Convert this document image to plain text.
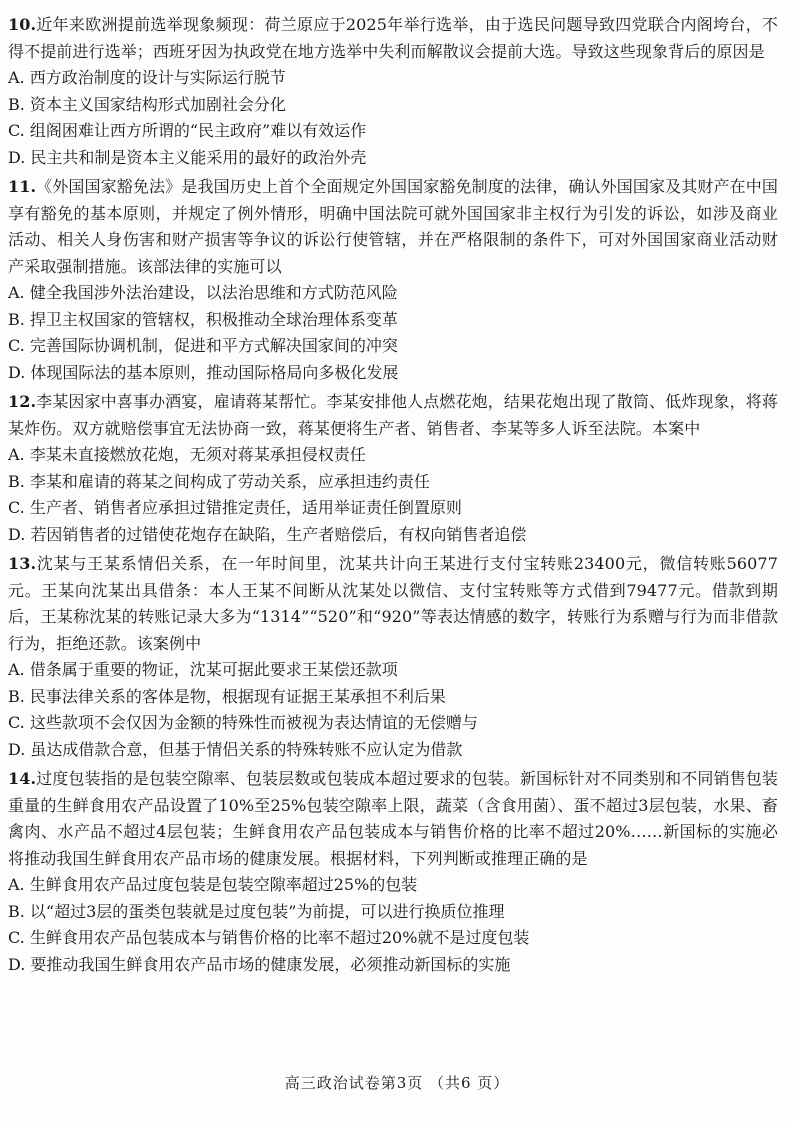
10.近年来欧洲提前选举现象频现：荷兰原应于2025年举行选举，由于选民问题导致四党联合内阁垮台，不得不提前进行选举；西班牙因为执政党在地方选举中失利而解散议会提前大选。导致这些现象背后的原因是
A. 西方政治制度的设计与实际运行脱节
B. 资本主义国家结构形式加剧社会分化
C. 组阁困难让西方所谓的“民主政府”难以有效运作
D. 民主共和制是资本主义能采用的最好的政治外壳
11.《外国国家豁免法》是我国历史上首个全面规定外国国家豁免制度的法律，确认外国国家及其财产在中国享有豁免的基本原则，并规定了例外情形，明确中国法院可就外国国家非主权行为引发的诉讼，如涉及商业活动、相关人身伤害和财产损害等争议的诉讼行使管辖，并在严格限制的条件下，可对外国国家商业活动财产采取强制措施。该部法律的实施可以
A. 健全我国涉外法治建设，以法治思维和方式防范风险
B. 捍卫主权国家的管辖权，积极推动全球治理体系变革
C. 完善国际协调机制，促进和平方式解决国家间的冲突
D. 体现国际法的基本原则，推动国际格局向多极化发展
12.李某因家中喜事办酒宴，雇请蒋某帮忙。李某安排他人点燃花炮，结果花炮出现了散筒、低炸现象，将蒋某炸伤。双方就赔偿事宜无法协商一致，蒋某便将生产者、销售者、李某等多人诉至法院。本案中
A. 李某未直接燃放花炮，无须对蒋某承担侵权责任
B. 李某和雇请的蒋某之间构成了劳动关系，应承担违约责任
C. 生产者、销售者应承担过错推定责任，适用举证责任倒置原则
D. 若因销售者的过错使花炮存在缺陷，生产者赔偿后，有权向销售者追偿
13.沈某与王某系情侣关系，在一年时间里，沈某共计向王某进行支付宝转账23400元，微信转账56077元。王某向沈某出具借条：本人王某不间断从沈某处以微信、支付宝转账等方式借到79477元。借款到期后，王某称沈某的转账记录大多为“1314”“520”和“920”等表达情感的数字，转账行为系赠与行为而非借款行为，拒绝还款。该案例中
A. 借条属于重要的物证，沈某可据此要求王某偿还款项
B. 民事法律关系的客体是物，根据现有证据王某承担不利后果
C. 这些款项不会仅因为金额的特殊性而被视为表达情谊的无偿赠与
D. 虽达成借款合意，但基于情侣关系的特殊转账不应认定为借款
14.过度包装指的是包装空隙率、包装层数或包装成本超过要求的包装。新国标针对不同类别和不同销售包装重量的生鲜食用农产品设置了10%至25%包装空隙率上限，蔬菜（含食用菌）、蛋不超过3层包装，水果、畜禽肉、水产品不超过4层包装；生鲜食用农产品包装成本与销售价格的比率不超过20%……新国标的实施必将推动我国生鲜食用农产品市场的健康发展。根据材料，下列判断或推理正确的是
A. 生鲜食用农产品过度包装是包装空隙率超过25%的包装
B. 以“超过3层的蛋类包装就是过度包装”为前提，可以进行换质位推理
C. 生鲜食用农产品包装成本与销售价格的比率不超过20%就不是过度包装
D. 要推动我国生鲜食用农产品市场的健康发展，必须推动新国标的实施
高三政治试卷第3页 （共6 页）
